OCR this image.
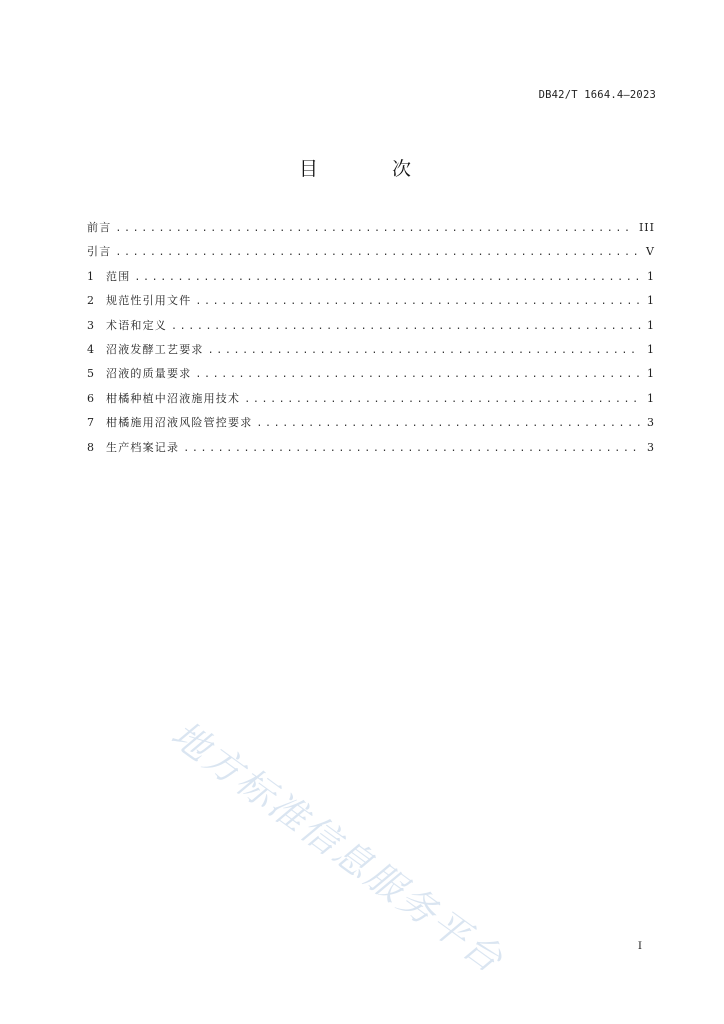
DB42/T 1664.4—2023
目 次
前言 .....	III
引言 .....	V
1	范围 .....	1
2	规范性引用文件 .....	1
3	术语和定义 .....	1
4	沼液发酵工艺要求 .....	1
5	沼液的质量要求 .....	1
6	柑橘种植中沼液施用技术 .....	1
7	柑橘施用沼液风险管控要求 .....	3
8	生产档案记录 .....	3
地方标准信息服务平台	I
